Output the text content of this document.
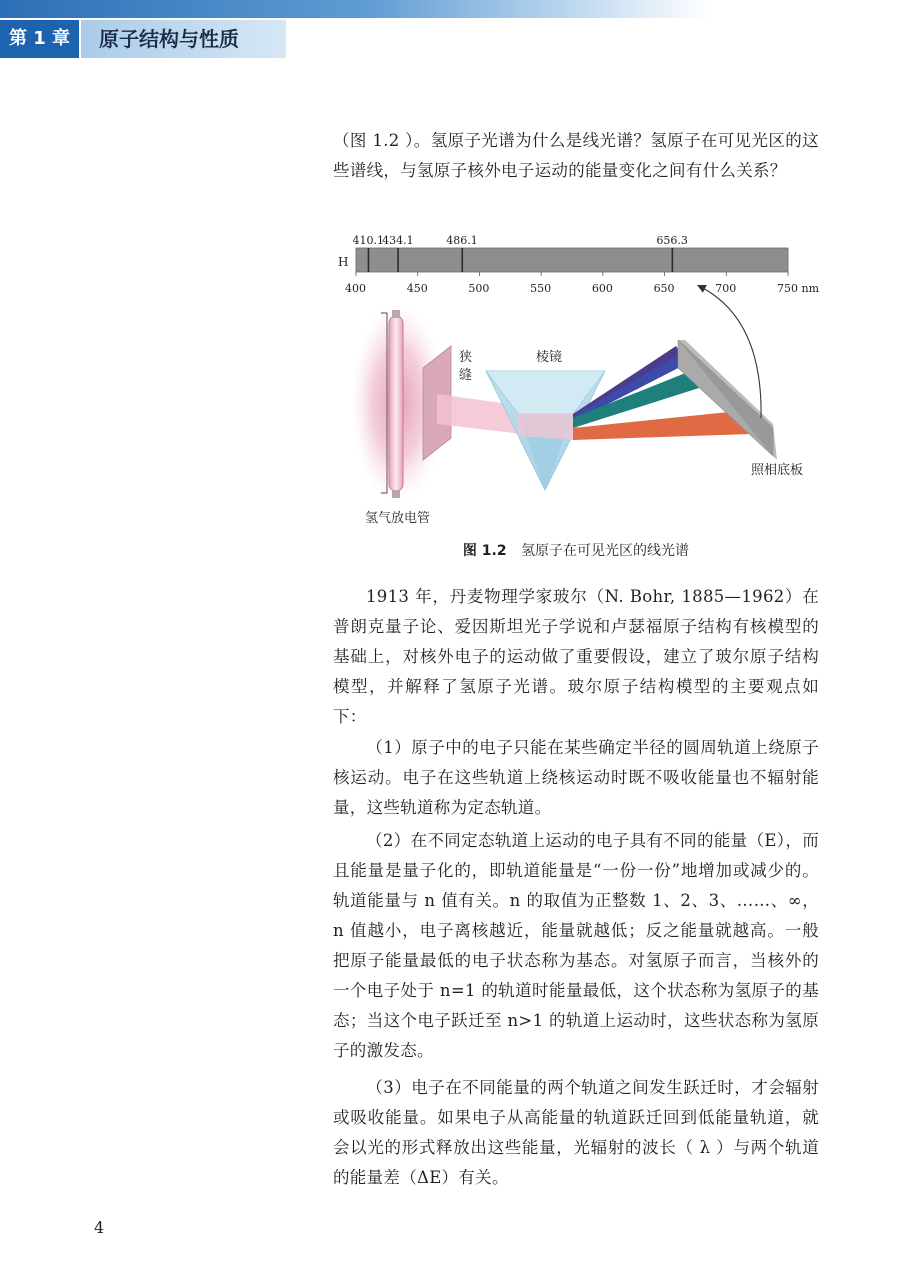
第 1 章	原子结构与性质

（图 1.2 ）。氢原子光谱为什么是线光谱？氢原子在可见光区的这些谱线，与氢原子核外电子运动的能量变化之间有什么关系？

410.1
434.1	486.1	656.3
400	450	500	550	600	650	700	750 nm
H
狭
缝
棱镜
照相底板
氢气放电管
图 1.2 氢原子在可见光区的线光谱

1913 年，丹麦物理学家玻尔（N. Bohr, 1885—1962）在普朗克量子论、爱因斯坦光子学说和卢瑟福原子结构有核模型的基础上，对核外电子的运动做了重要假设，建立了玻尔原子结构模型，并解释了氢原子光谱。玻尔原子结构模型的主要观点如下：

（1）原子中的电子只能在某些确定半径的圆周轨道上绕原子核运动。电子在这些轨道上绕核运动时既不吸收能量也不辐射能量，这些轨道称为定态轨道。

（2）在不同定态轨道上运动的电子具有不同的能量（E），而且能量是量子化的，即轨道能量是“一份一份”地增加或减少的。轨道能量与 n 值有关。n 的取值为正整数 1、2、3、……、∞，n 值越小，电子离核越近，能量就越低；反之能量就越高。一般把原子能量最低的电子状态称为基态。对氢原子而言，当核外的一个电子处于 n=1 的轨道时能量最低，这个状态称为氢原子的基态；当这个电子跃迁至 n>1 的轨道上运动时，这些状态称为氢原子的激发态。

（3）电子在不同能量的两个轨道之间发生跃迁时，才会辐射或吸收能量。如果电子从高能量的轨道跃迁回到低能量轨道，就会以光的形式释放出这些能量，光辐射的波长（ λ ）与两个轨道的能量差（ΔE）有关。

4
